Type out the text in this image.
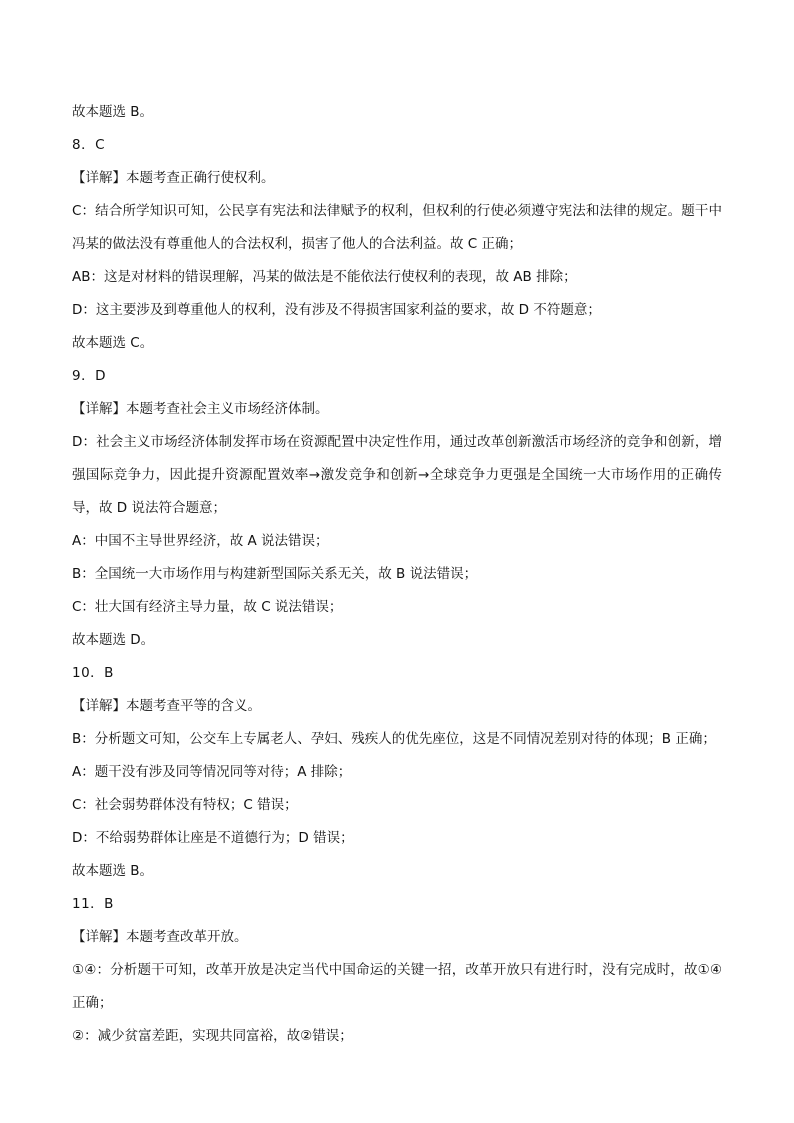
故本题选 B。

8．C

【详解】本题考查正确行使权利。

C：结合所学知识可知，公民享有宪法和法律赋予的权利，但权利的行使必须遵守宪法和法律的规定。题干中冯某的做法没有尊重他人的合法权利，损害了他人的合法利益。故 C 正确；

AB：这是对材料的错误理解，冯某的做法是不能依法行使权利的表现，故 AB 排除；

D：这主要涉及到尊重他人的权利，没有涉及不得损害国家利益的要求，故 D 不符题意；

故本题选 C。

9．D

【详解】本题考查社会主义市场经济体制。

D：社会主义市场经济体制发挥市场在资源配置中决定性作用，通过改革创新激活市场经济的竞争和创新，增强国际竞争力，因此提升资源配置效率→激发竞争和创新→全球竞争力更强是全国统一大市场作用的正确传导，故 D 说法符合题意；

A：中国不主导世界经济，故 A 说法错误；

B：全国统一大市场作用与构建新型国际关系无关，故 B 说法错误；

C：壮大国有经济主导力量，故 C 说法错误；

故本题选 D。

10．B

【详解】本题考查平等的含义。

B：分析题文可知，公交车上专属老人、孕妇、残疾人的优先座位，这是不同情况差别对待的体现；B 正确；

A：题干没有涉及同等情况同等对待；A 排除；

C：社会弱势群体没有特权；C 错误；

D：不给弱势群体让座是不道德行为；D 错误；

故本题选 B。

11．B

【详解】本题考查改革开放。

①④：分析题干可知，改革开放是决定当代中国命运的关键一招，改革开放只有进行时，没有完成时，故①④正确；

②：减少贫富差距，实现共同富裕，故②错误；
